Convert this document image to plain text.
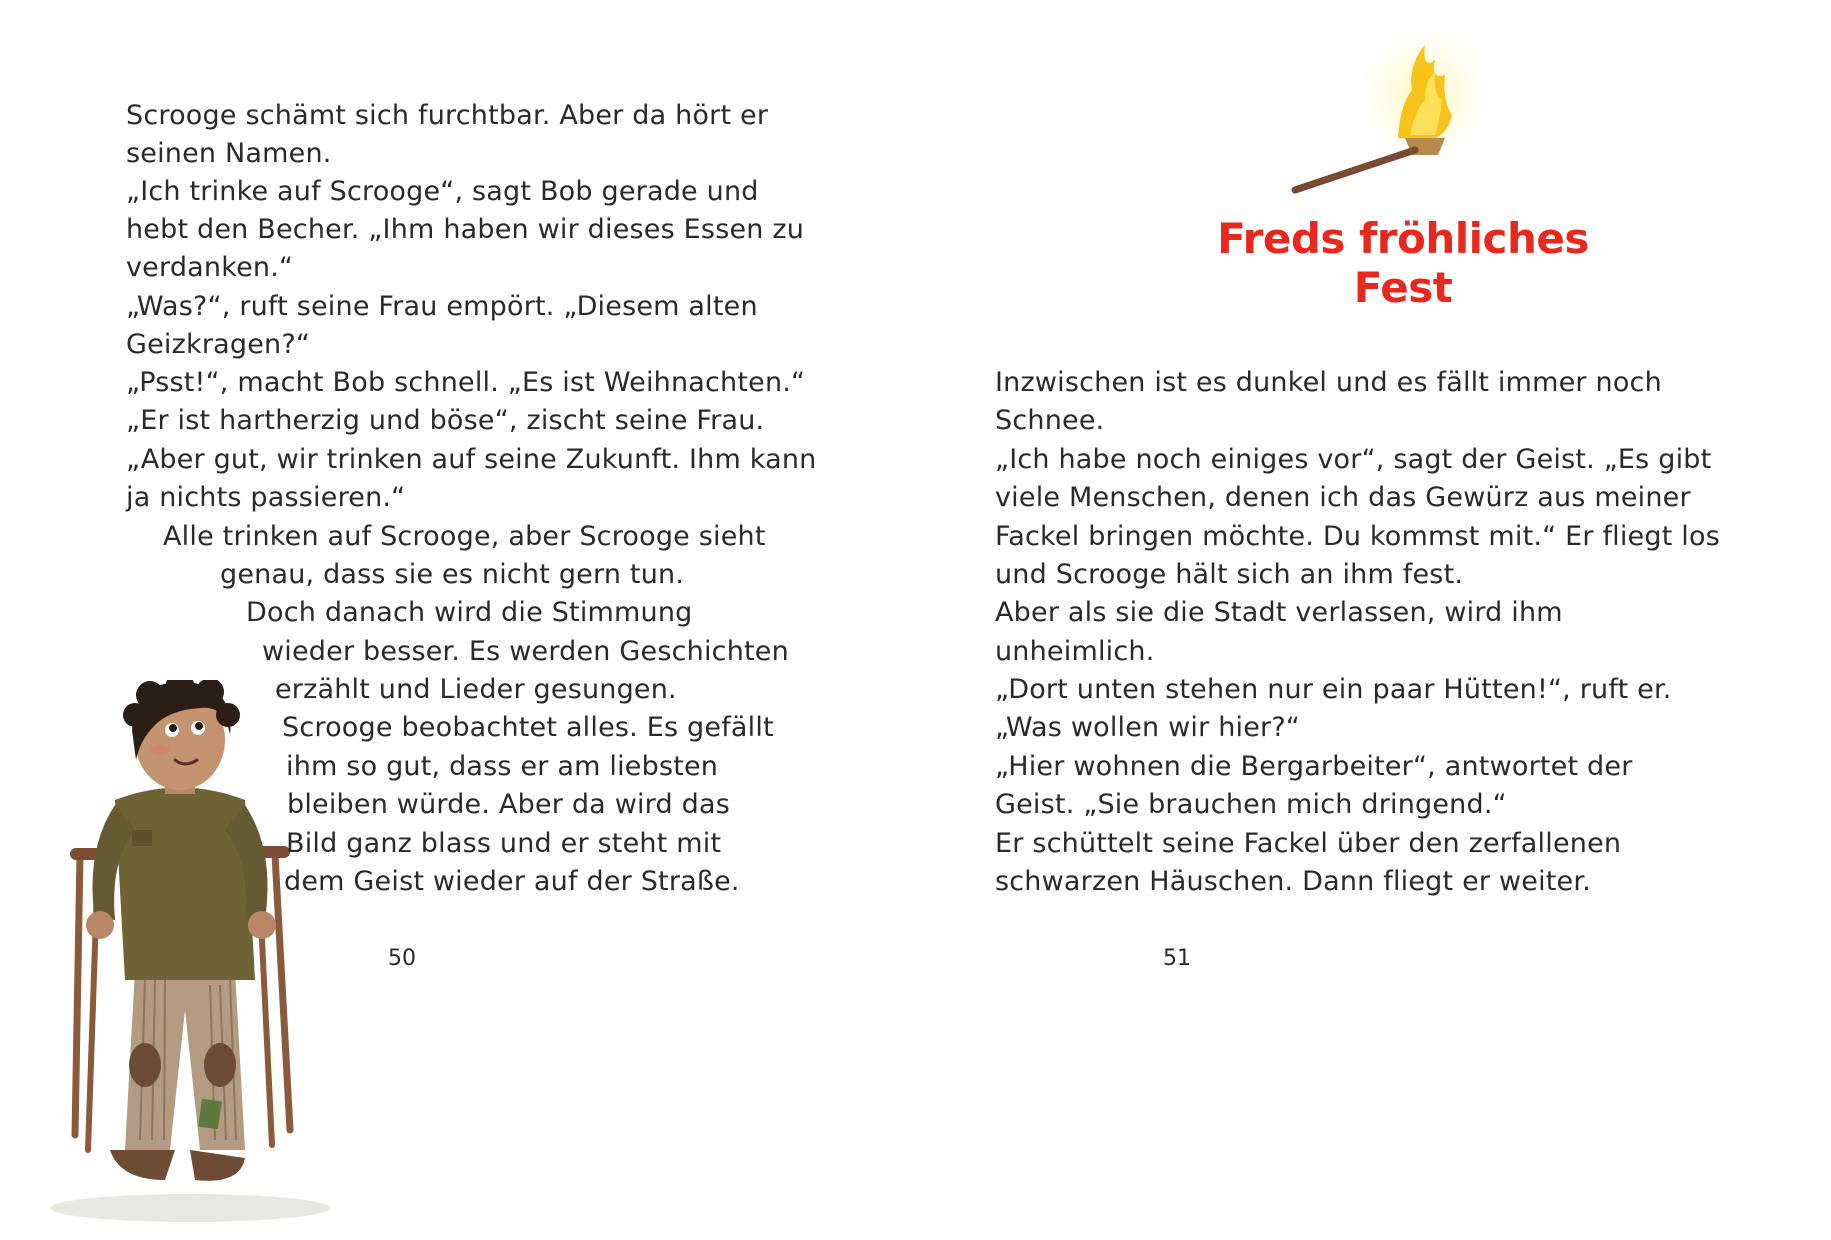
Scrooge schämt sich furchtbar. Aber da hört er
seinen Namen.
„Ich trinke auf Scrooge“, sagt Bob gerade und
hebt den Becher. „Ihm haben wir dieses Essen zu
verdanken.“
„Was?“, ruft seine Frau empört. „Diesem alten
Geizkragen?“
„Psst!“, macht Bob schnell. „Es ist Weihnachten.“
„Er ist hartherzig und böse“, zischt seine Frau.
„Aber gut, wir trinken auf seine Zukunft. Ihm kann
ja nichts passieren.“
Alle trinken auf Scrooge, aber Scrooge sieht
genau, dass sie es nicht gern tun.
Doch danach wird die Stimmung
wieder besser. Es werden Geschichten
erzählt und Lieder gesungen.
Scrooge beobachtet alles. Es gefällt
ihm so gut, dass er am liebsten
bleiben würde. Aber da wird das
Bild ganz blass und er steht mit
dem Geist wieder auf der Straße.
50
Freds fröhliches Fest
Inzwischen ist es dunkel und es fällt immer noch
Schnee.
„Ich habe noch einiges vor“, sagt der Geist. „Es gibt
viele Menschen, denen ich das Gewürz aus meiner
Fackel bringen möchte. Du kommst mit.“ Er fliegt los
und Scrooge hält sich an ihm fest.
Aber als sie die Stadt verlassen, wird ihm
unheimlich.
„Dort unten stehen nur ein paar Hütten!“, ruft er.
„Was wollen wir hier?“
„Hier wohnen die Bergarbeiter“, antwortet der
Geist. „Sie brauchen mich dringend.“
Er schüttelt seine Fackel über den zerfallenen
schwarzen Häuschen. Dann fliegt er weiter.
51
